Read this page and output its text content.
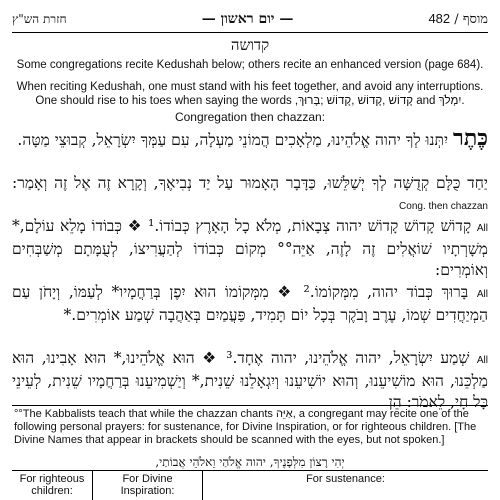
חזרת הש"ץ	— יום ראשון —	482 / מוסף
קדושה
Some congregations recite Kedushah below; others recite an enhanced version (page 684).
When reciting Kedushah, one must stand with his feet together, and avoid any interruptions. One should rise to his toes when saying the words ,קָדוֹשׁ ,קָדוֹשׁ ,קָדוֹשׁ ;בָּרוּךְ and יִמְלֹךְ.
Congregation then chazzan:
כֶּתֶר יִתְּנוּ לְךָ יהוה אֱלֹהֵינוּ, מַלְאָכִים הֲמוֹנֵי מַעְלָה, עִם עַמְּךָ יִשְׂרָאֵל, קְבוּצֵי מַטָּה.
יַחַד כֻּלָּם קְדֻשָּׁה לְךָ יְשַׁלֵּשׁוּ, כַּדָּבָר הָאָמוּר עַל יַד נְבִיאֶךָ, וְקָרָא זֶה אֶל זֶה וְאָמַר: Cong. then chazzan
All קָדוֹשׁ קָדוֹשׁ קָדוֹשׁ יהוה צְבָאוֹת, מְלֹא כָל הָאָרֶץ כְּבוֹדוֹ.¹ ❖ כְּבוֹדוֹ מָלֵא עוֹלָם,* מְשָׁרְתָיו שׁוֹאֲלִים זֶה לָזֶה, אַיֵּה°° מְקוֹם כְּבוֹדוֹ לְהַעֲרִיצוֹ, לְעֻמָּתָם מְשַׁבְּחִים וְאוֹמְרִים:
All בָּרוּךְ כְּבוֹד יהוה, מִמְּקוֹמוֹ.² ❖ מִמְּקוֹמוֹ הוּא יִפֶן בְּרַחֲמָיו* לְעַמּוֹ, וְיָחֹן עַם הַמְיַחֲדִים שְׁמוֹ, עֶרֶב וָבֹקֶר בְּכָל יוֹם תָּמִיד, פַּעֲמַיִם בְּאַהֲבָה שְׁמַע אוֹמְרִים.*
All שְׁמַע יִשְׂרָאֵל, יהוה אֱלֹהֵינוּ, יהוה אֶחָד.³ ❖ הוּא אֱלֹהֵינוּ,* הוּא אָבִינוּ, הוּא מַלְכֵּנוּ, הוּא מוֹשִׁיעֵנוּ, וְהוּא יוֹשִׁיעֵנוּ וְיִגְאָלֵנוּ שֵׁנִית,* וְיַשְׁמִיעֵנוּ בְּרַחֲמָיו שֵׁנִית, לְעֵינֵי כָּל חָי, לֵאמֹר: הֵן
°°The Kabbalists teach that while the chazzan chants אַיֵּה, a congregant may recite one of the following personal prayers: for sustenance, for Divine Inspiration, or for righteous children. [The Divine Names that appear in brackets should be scanned with the eyes, but not spoken.]
יְהִי רָצוֹן מִלְּפָנֶיךָ, יהוה אֱלֹהַי וֵאלֹהֵי אֲבוֹתַי,
For righteous children:
For Divine Inspiration:
For sustenance:
